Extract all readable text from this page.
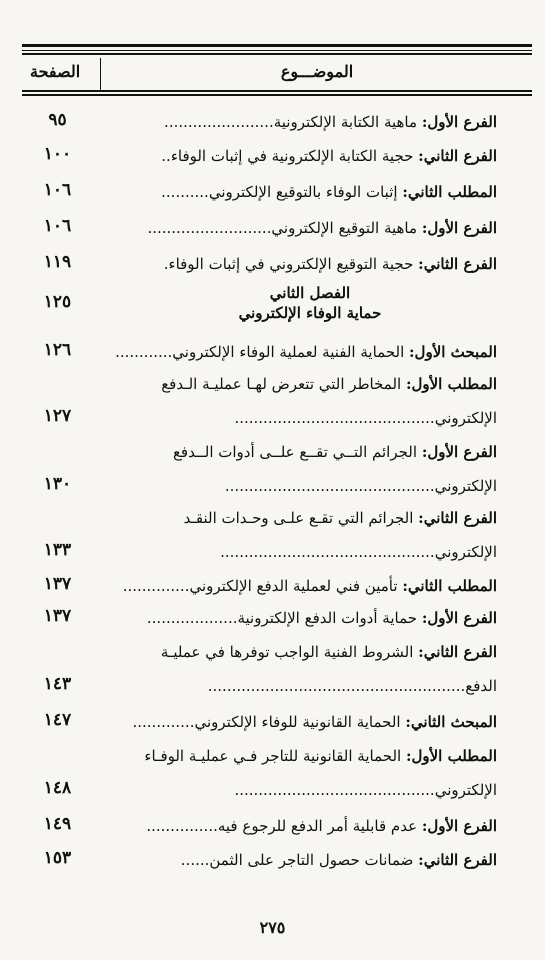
الموضـــوع
الصفحة
الفرع الأول: ماهية الكتابة الإلكترونية.......................
٩٥
الفرع الثاني: حجية الكتابة الإلكترونية في إثبات الوفاء..
١٠٠
المطلب الثاني: إثبات الوفاء بالتوقيع الإلكتروني..........
١٠٦
الفرع الأول: ماهية التوقيع الإلكتروني..........................
١٠٦
الفرع الثاني: حجية التوقيع الإلكتروني في إثبات الوفاء.
١١٩
الفصل الثاني
حماية الوفاء الإلكتروني
١٢٥
المبحث الأول: الحماية الفنية لعملية الوفاء الإلكتروني............
١٢٦
المطلب الأول: المخاطر التي تتعرض لهـا عمليـة الـدفع
الإلكتروني..........................................
١٢٧
الفرع الأول: الجرائم التــي تقــع علــى أدوات الــدفع
الإلكتروني............................................
١٣٠
الفرع الثاني: الجرائم التي تقـع علـى وحـدات النقـد
الإلكتروني.............................................
١٣٣
المطلب الثاني: تأمين فني لعملية الدفع الإلكتروني..............
١٣٧
الفرع الأول: حماية أدوات الدفع الإلكترونية...................
١٣٧
الفرع الثاني: الشروط الفنية الواجب توفرها في عمليـة
الدفع......................................................
١٤٣
المبحث الثاني: الحماية القانونية للوفاء الإلكتروني.............
١٤٧
المطلب الأول: الحماية القانونية للتاجر فـي عمليـة الوفـاء
الإلكتروني..........................................
١٤٨
الفرع الأول: عدم قابلية أمر الدفع للرجوع فيه...............
١٤٩
الفرع الثاني: ضمانات حصول التاجر على الثمن......
١٥٣
٢٧٥
